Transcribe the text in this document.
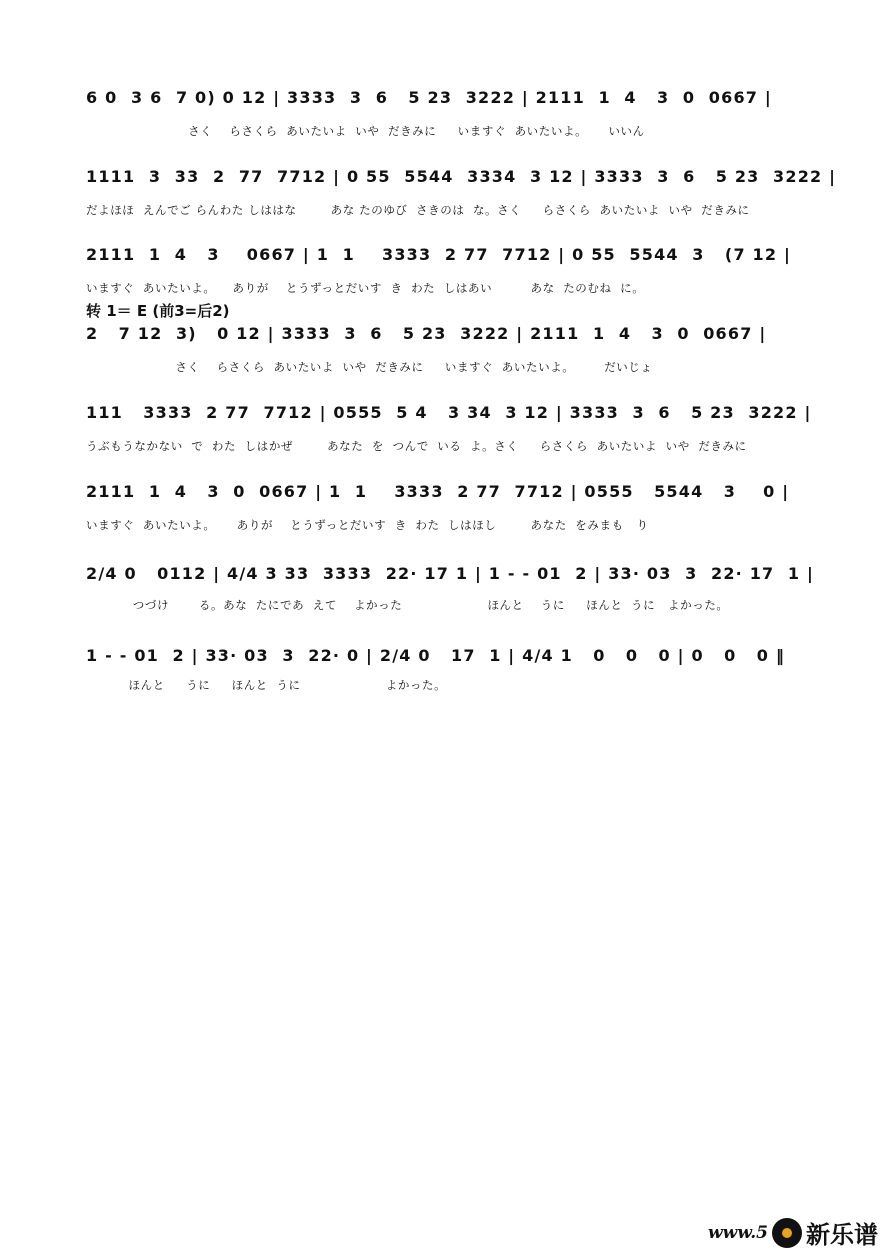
6 0  3 6  7 0) 0 12 | 3333  3  6   5 23  3222 | 2111  1  4   3  0  0667 |
さく    らさくら  あいたいよ  いや  だきみに     いますぐ  あいたいよ。     いいん
1111  3  33  2  77  7712 | 0 55  5544  3334  3 12 | 3333  3  6   5 23  3222 |
だよほほ  えんでご らんわた しははな        あな たのゆび  さきのは  な。さく     らさくら  あいたいよ  いや  だきみに
2111  1  4   3    0667 | 1  1    3333  2 77  7712 | 0 55  5544  3   (7 12 |
いますぐ  あいたいよ。    ありが    とうずっとだいす  き  わた  しはあい         あな  たのむね  に。
转 1＝ E (前3=后2)
2   7 12  3)   0 12 | 3333  3  6   5 23  3222 | 2111  1  4   3  0  0667 |
さく    らさくら  あいたいよ  いや  だきみに     いますぐ  あいたいよ。       だいじょ
111   3333  2 77  7712 | 0555  5 4   3 34  3 12 | 3333  3  6   5 23  3222 |
うぶもうなかない  で  わた  しはかぜ        あなた  を  つんで  いる  よ。さく     らさくら  あいたいよ  いや  だきみに
2111  1  4   3  0  0667 | 1  1    3333  2 77  7712 | 0555   5544   3    0 |
いますぐ  あいたいよ。     ありが    とうずっとだいす  き  わた  しはほし        あなた  をみまも   り
2/4 0   0112 | 4/4 3 33  3333  22· 17 1 | 1 - - 01  2 | 33· 03  3  22· 17  1 |
つづけ       る。あな  たにであ  えて    よかった                    ほんと    うに     ほんと  うに   よかった。
1 - - 01  2 | 33· 03  3  22· 0 | 2/4 0   17  1 | 4/4 1   0   0   0 | 0   0   0 ‖
ほんと     うに     ほんと  うに                    よかった。
www.5 新乐谱
